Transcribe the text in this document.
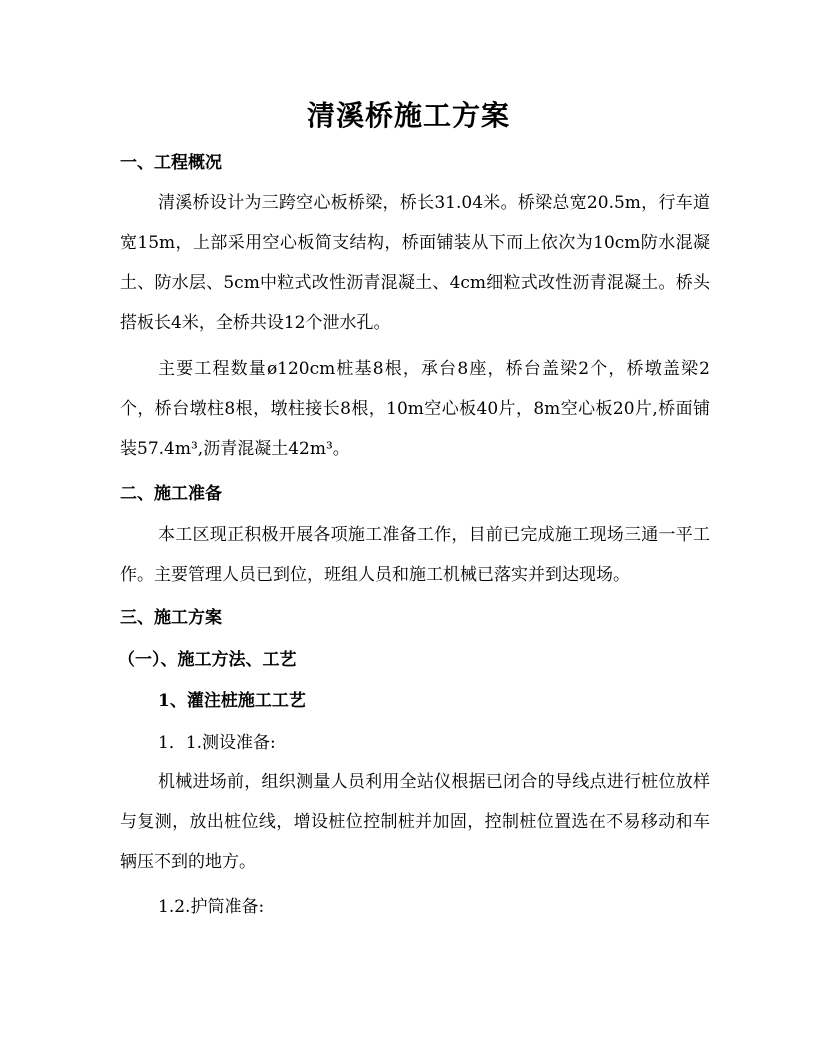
清溪桥施工方案
一、工程概况
清溪桥设计为三跨空心板桥梁，桥长31.04米。桥梁总宽20.5m，行车道宽15m，上部采用空心板简支结构，桥面铺装从下而上依次为10cm防水混凝土、防水层、5cm中粒式改性沥青混凝土、4cm细粒式改性沥青混凝土。桥头搭板长4米，全桥共设12个泄水孔。
主要工程数量ø120cm桩基8根，承台8座，桥台盖梁2个，桥墩盖梁2个，桥台墩柱8根，墩柱接长8根，10m空心板40片，8m空心板20片,桥面铺装57.4m³,沥青混凝土42m³。
二、施工准备
本工区现正积极开展各项施工准备工作，目前已完成施工现场三通一平工作。主要管理人员已到位，班组人员和施工机械已落实并到达现场。
三、施工方案
（一）、施工方法、工艺
1、灌注桩施工工艺
1．1.测设准备:
机械进场前，组织测量人员利用全站仪根据已闭合的导线点进行桩位放样与复测，放出桩位线，增设桩位控制桩并加固，控制桩位置选在不易移动和车辆压不到的地方。
1.2.护筒准备:
